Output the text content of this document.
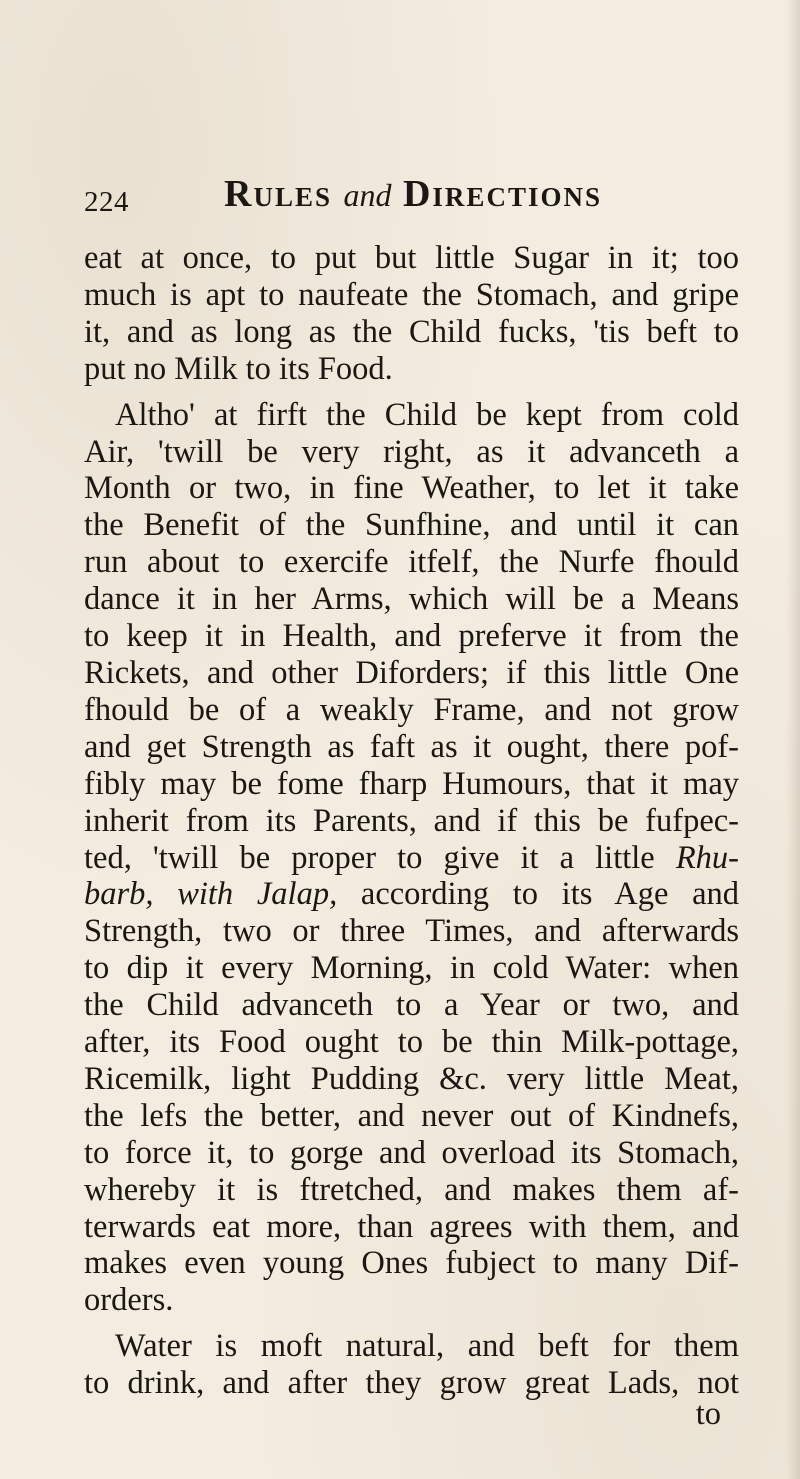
224	Rules and Directions
eat at once, to put but little Sugar in it; too
much is apt to naufeate the Stomach, and gripe
it, and as long as the Child fucks, 'tis beft to
put no Milk to its Food.
Altho' at firft the Child be kept from cold
Air, 'twill be very right, as it advanceth a
Month or two, in fine Weather, to let it take
the Benefit of the Sunfhine, and until it can
run about to exercife itfelf, the Nurfe fhould
dance it in her Arms, which will be a Means
to keep it in Health, and preferve it from the
Rickets, and other Diforders; if this little One
fhould be of a weakly Frame, and not grow
and get Strength as faft as it ought, there pof-
fibly may be fome fharp Humours, that it may
inherit from its Parents, and if this be fufpec-
ted, 'twill be proper to give it a little Rhu-
barb, with Jalap, according to its Age and
Strength, two or three Times, and afterwards
to dip it every Morning, in cold Water: when
the Child advanceth to a Year or two, and
after, its Food ought to be thin Milk-pottage,
Ricemilk, light Pudding &c. very little Meat,
the lefs the better, and never out of Kindnefs,
to force it, to gorge and overload its Stomach,
whereby it is ftretched, and makes them af-
terwards eat more, than agrees with them, and
makes even young Ones fubject to many Dif-
orders.
Water is moft natural, and beft for them
to drink, and after they grow great Lads, not
to
